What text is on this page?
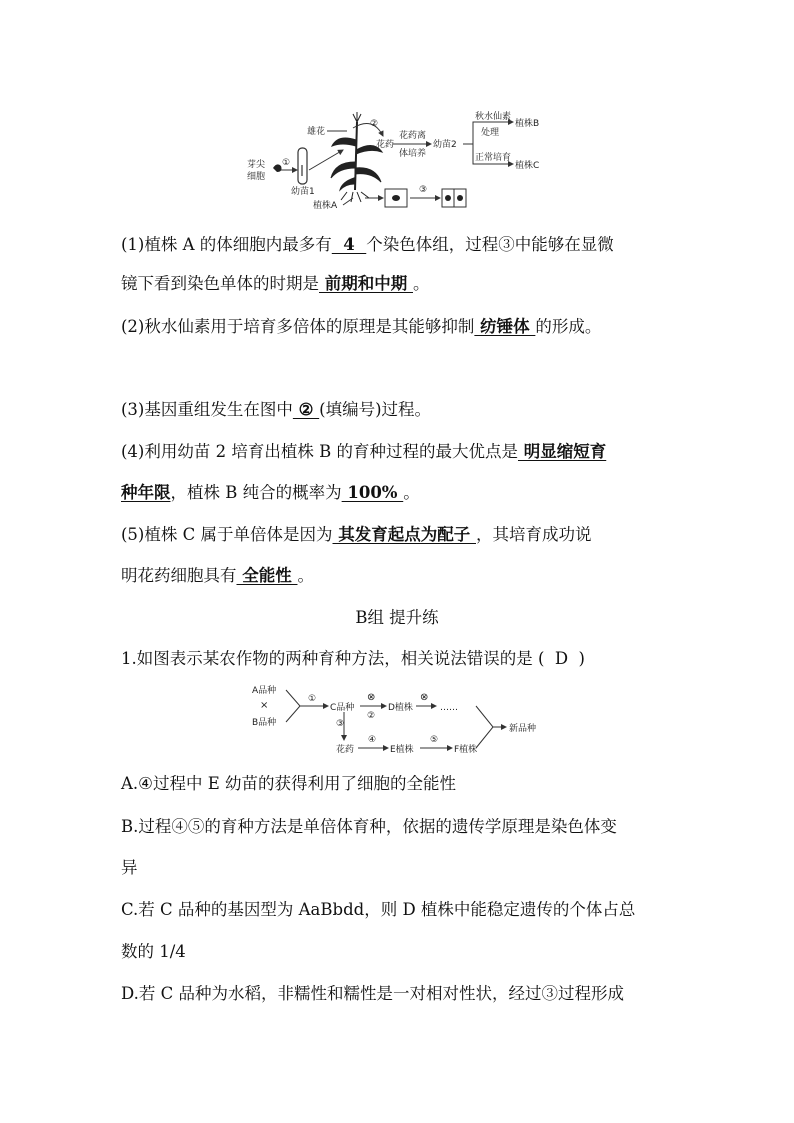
芽尖
细胞
①
幼苗1
雄花
植株A
②
花药
花药离
体培养
幼苗2
秋水仙素
处理
正常培育
植株B
植株C
③
(1)植株 A 的体细胞内最多有  4  个染色体组，过程③中能够在显微
镜下看到染色单体的时期是 前期和中期 。
(2)秋水仙素用于培育多倍体的原理是其能够抑制 纺锤体 的形成。
(3)基因重组发生在图中 ② (填编号)过程。
(4)利用幼苗 2 培育出植株 B 的育种过程的最大优点是 明显缩短育
种年限，植株 B 纯合的概率为 100% 。
(5)植株 C 属于单倍体是因为 其发育起点为配子 ，其培育成功说
明花药细胞具有 全能性 。
B组 提升练
1.如图表示某农作物的两种育种方法，相关说法错误的是 ( D )
A品种
×
B品种
①
C品种
⊗
②
D植株
⊗
……
③
花药
④
E植株
⑤
F植株
新品种
A.④过程中 E 幼苗的获得利用了细胞的全能性
B.过程④⑤的育种方法是单倍体育种，依据的遗传学原理是染色体变
异
C.若 C 品种的基因型为 AaBbdd，则 D 植株中能稳定遗传的个体占总
数的 1/4
D.若 C 品种为水稻，非糯性和糯性是一对相对性状，经过③过程形成
